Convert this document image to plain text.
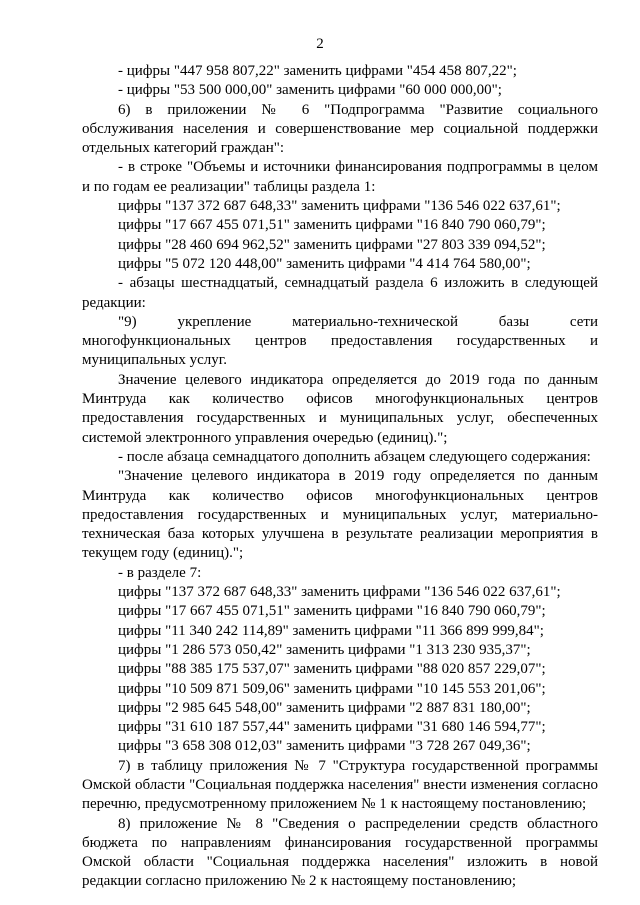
2

- цифры "447 958 807,22" заменить цифрами "454 458 807,22";

- цифры "53 500 000,00" заменить цифрами "60 000 000,00";

6) в приложении № 6 "Подпрограмма "Развитие социального обслуживания населения и совершенствование мер социальной поддержки отдельных категорий граждан":

- в строке "Объемы и источники финансирования подпрограммы в целом и по годам ее реализации" таблицы раздела 1:

цифры "137 372 687 648,33" заменить цифрами "136 546 022 637,61";

цифры "17 667 455 071,51" заменить цифрами "16 840 790 060,79";

цифры "28 460 694 962,52" заменить цифрами "27 803 339 094,52";

цифры "5 072 120 448,00" заменить цифрами "4 414 764 580,00";

- абзацы шестнадцатый, семнадцатый раздела 6 изложить в следующей редакции:

"9) укрепление материально-технической базы сети многофункциональных центров предоставления государственных и муниципальных услуг.

Значение целевого индикатора определяется до 2019 года по данным Минтруда как количество офисов многофункциональных центров предоставления государственных и муниципальных услуг, обеспеченных системой электронного управления очередью (единиц).";

- после абзаца семнадцатого дополнить абзацем следующего содержания:

"Значение целевого индикатора в 2019 году определяется по данным Минтруда как количество офисов многофункциональных центров предоставления государственных и муниципальных услуг, материально-техническая база которых улучшена в результате реализации мероприятия в текущем году (единиц).";

- в разделе 7:

цифры "137 372 687 648,33" заменить цифрами "136 546 022 637,61";

цифры "17 667 455 071,51" заменить цифрами "16 840 790 060,79";

цифры "11 340 242 114,89" заменить цифрами "11 366 899 999,84";

цифры "1 286 573 050,42" заменить цифрами "1 313 230 935,37";

цифры "88 385 175 537,07" заменить цифрами "88 020 857 229,07";

цифры "10 509 871 509,06" заменить цифрами "10 145 553 201,06";

цифры "2 985 645 548,00" заменить цифрами "2 887 831 180,00";

цифры "31 610 187 557,44" заменить цифрами "31 680 146 594,77";

цифры "3 658 308 012,03" заменить цифрами "3 728 267 049,36";

7) в таблицу приложения № 7 "Структура государственной программы Омской области "Социальная поддержка населения" внести изменения согласно перечню, предусмотренному приложением № 1 к настоящему постановлению;

8) приложение № 8 "Сведения о распределении средств областного бюджета по направлениям финансирования государственной программы Омской области "Социальная поддержка населения" изложить в новой редакции согласно приложению № 2 к настоящему постановлению;
